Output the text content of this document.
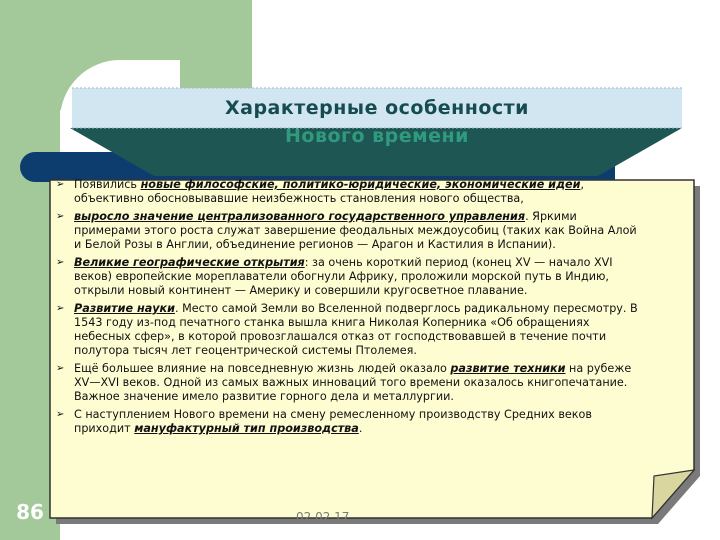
Характерные особенности
Нового времени
➢ Появились новые философские, политико-юридические, экономические идеи, объективно обосновывавшие неизбежность становления нового общества,
➢ выросло значение централизованного государственного управления. Яркими примерами этого роста служат завершение феодальных междоусобиц (таких как Война Алой и Белой Розы в Англии, объединение регионов — Арагон и Кастилия в Испании).
➢ Великие географические открытия: за очень короткий период (конец XV — начало XVI веков) европейские мореплаватели обогнули Африку, проложили морской путь в Индию, открыли новый континент — Америку и совершили кругосветное плавание.
➢ Развитие науки. Место самой Земли во Вселенной подверглось радикальному пересмотру. В 1543 году из-под печатного станка вышла книга Николая Коперника «Об обращениях небесных сфер», в которой провозглашался отказ от господствовавшей в течение почти полутора тысяч лет геоцентрической системы Птолемея.
➢ Ещё большее влияние на повседневную жизнь людей оказало развитие техники на рубеже XV—XVI веков. Одной из самых важных инноваций того времени оказалось книгопечатание. Важное значение имело развитие горного дела и металлургии.
➢ С наступлением Нового времени на смену ремесленному производству Средних веков приходит мануфактурный тип производства.
86	02.02.17
